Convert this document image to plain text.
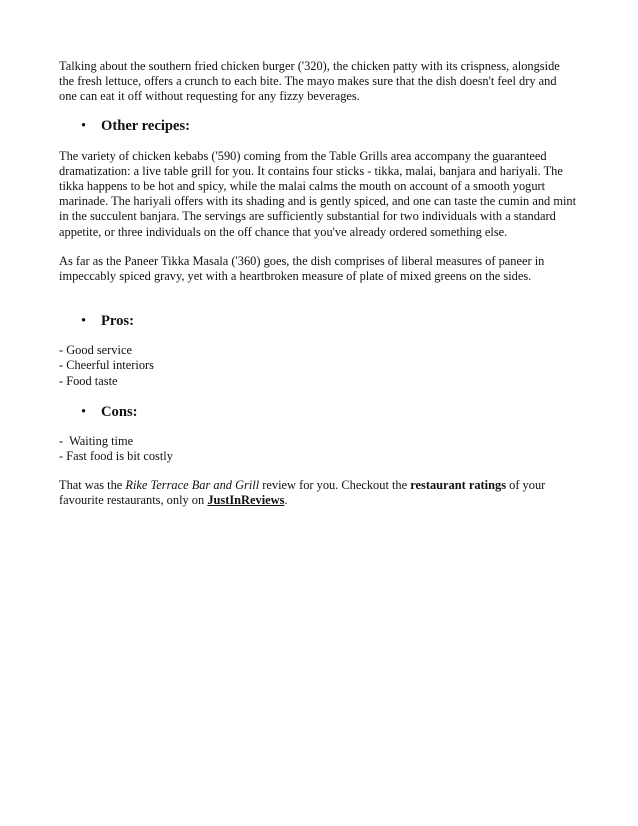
Talking about the southern fried chicken burger ('320), the chicken patty with its crispness, alongside the fresh lettuce, offers a crunch to each bite. The mayo makes sure that the dish doesn't feel dry and one can eat it off without requesting for any fizzy beverages.

• Other recipes:

The variety of chicken kebabs ('590) coming from the Table Grills area accompany the guaranteed dramatization: a live table grill for you. It contains four sticks - tikka, malai, banjara and hariyali. The tikka happens to be hot and spicy, while the malai calms the mouth on account of a smooth yogurt marinade. The hariyali offers with its shading and is gently spiced, and one can taste the cumin and mint in the succulent banjara. The servings are sufficiently substantial for two individuals with a standard appetite, or three individuals on the off chance that you've already ordered something else.

As far as the Paneer Tikka Masala ('360) goes, the dish comprises of liberal measures of paneer in impeccably spiced gravy, yet with a heartbroken measure of plate of mixed greens on the sides.

• Pros:
- Good service
- Cheerful interiors
- Food taste
• Cons:
-  Waiting time
- Fast food is bit costly

That was the Rike Terrace Bar and Grill review for you. Checkout the restaurant ratings of your favourite restaurants, only on JustInReviews.
